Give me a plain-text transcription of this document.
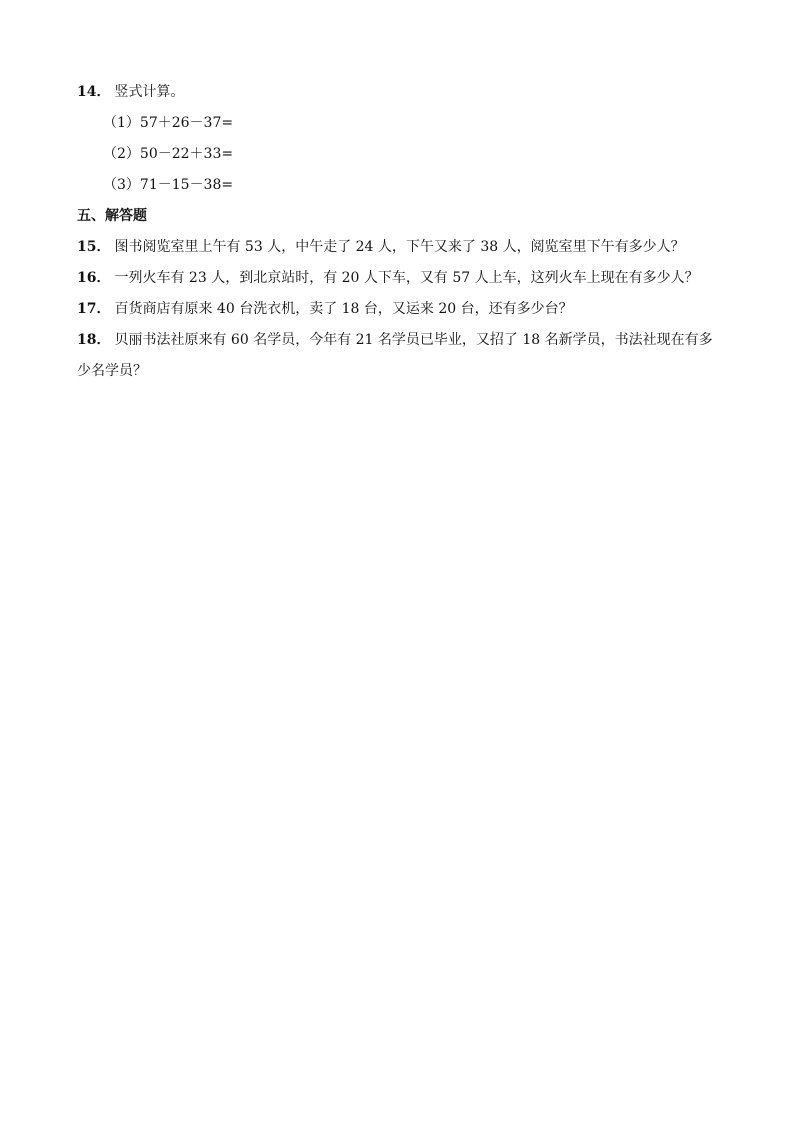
14． 竖式计算。
（1）57＋26－37=
（2）50－22＋33=
（3）71－15－38=
五、解答题
15． 图书阅览室里上午有 53 人，中午走了 24 人，下午又来了 38 人，阅览室里下午有多少人？
16． 一列火车有 23 人，到北京站时，有 20 人下车，又有 57 人上车，这列火车上现在有多少人？
17． 百货商店有原来 40 台洗衣机，卖了 18 台，又运来 20 台，还有多少台？
18． 贝丽书法社原来有 60 名学员，今年有 21 名学员已毕业，又招了 18 名新学员，书法社现在有多少名学员？
